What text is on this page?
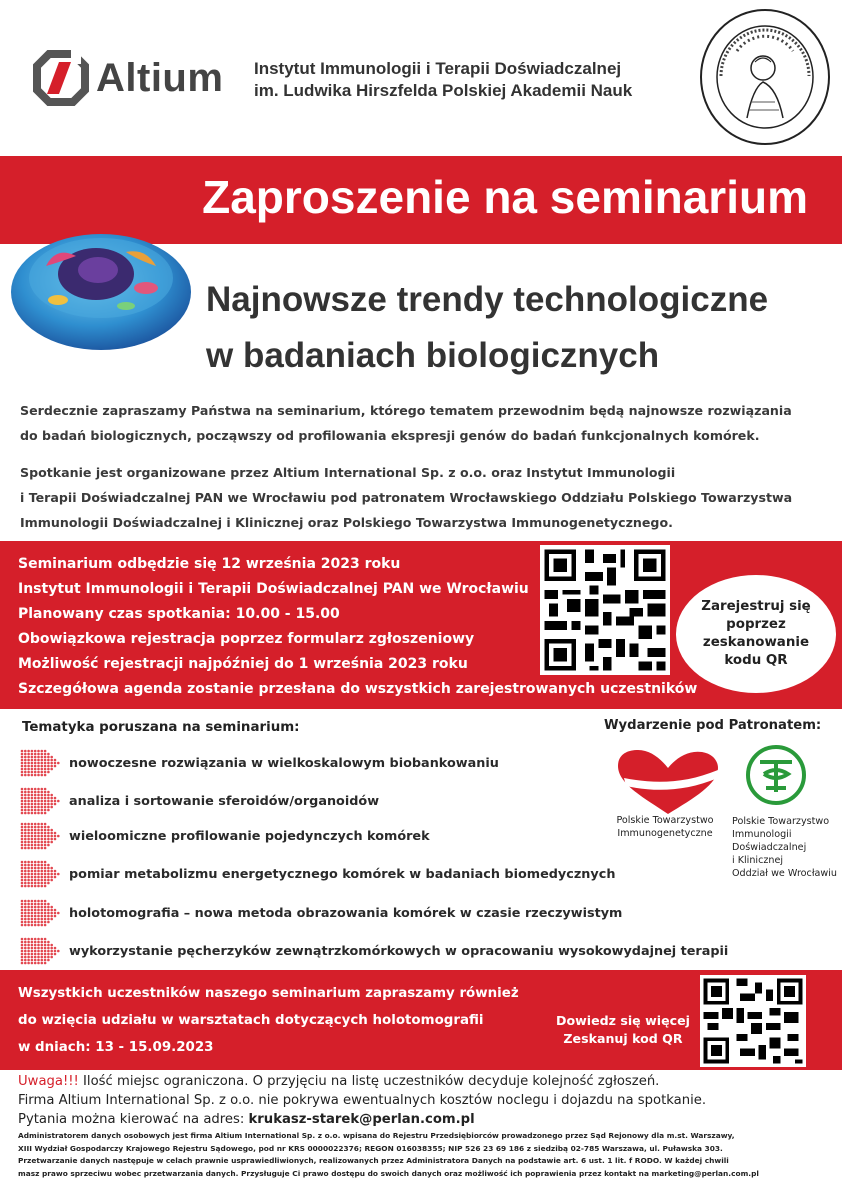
Altium Instytut Immunologii i Terapii Doświadczalnej
im. Ludwika Hirszfelda Polskiej Akademii Nauk
Zaproszenie na seminarium
Najnowsze trendy technologiczne
w badaniach biologicznych
Serdecznie zapraszamy Państwa na seminarium, którego tematem przewodnim będą najnowsze rozwiązania
do badań biologicznych, począwszy od profilowania ekspresji genów do badań funkcjonalnych komórek.
Spotkanie jest organizowane przez Altium International Sp. z o.o. oraz Instytut Immunologii
i Terapii Doświadczalnej PAN we Wrocławiu pod patronatem Wrocławskiego Oddziału Polskiego Towarzystwa
Immunologii Doświadczalnej i Klinicznej oraz Polskiego Towarzystwa Immunogenetycznego.
Seminarium odbędzie się 12 września 2023 roku
Instytut Immunologii i Terapii Doświadczalnej PAN we Wrocławiu
Planowany czas spotkania: 10.00 - 15.00
Obowiązkowa rejestracja poprzez formularz zgłoszeniowy
Możliwość rejestracji najpóźniej do 1 września 2023 roku
Szczegółowa agenda zostanie przesłana do wszystkich zarejestrowanych uczestników
Zarejestruj się
poprzez
zeskanowanie
kodu QR
Tematyka poruszana na seminarium:	Wydarzenie pod Patronatem:
nowoczesne rozwiązania w wielkoskalowym biobankowaniu
analiza i sortowanie sferoidów/organoidów
wieloomiczne profilowanie pojedynczych komórek
pomiar metabolizmu energetycznego komórek w badaniach biomedycznych
holotomografia – nowa metoda obrazowania komórek w czasie rzeczywistym
wykorzystanie pęcherzyków zewnątrzkomórkowych w opracowaniu wysokowydajnej terapii
Polskie Towarzystwo
Immunogenetyczne
Polskie Towarzystwo
Immunologii
Doświadczalnej
i Klinicznej
Oddział we Wrocławiu
Wszystkich uczestników naszego seminarium zapraszamy również
do wzięcia udziału w warsztatach dotyczących holotomografii
w dniach: 13 - 15.09.2023
Dowiedz się więcej
Zeskanuj kod QR
Uwaga!!! Ilość miejsc ograniczona. O przyjęciu na listę uczestników decyduje kolejność zgłoszeń.
Firma Altium International Sp. z o.o. nie pokrywa ewentualnych kosztów noclegu i dojazdu na spotkanie.
Pytania można kierować na adres: krukasz-starek@perlan.com.pl
Administratorem danych osobowych jest firma Altium International Sp. z o.o. wpisana do Rejestru Przedsiębiorców prowadzonego przez Sąd Rejonowy dla m.st. Warszawy,
XIII Wydział Gospodarczy Krajowego Rejestru Sądowego, pod nr KRS 0000022376; REGON 016038355; NIP 526 23 69 186 z siedzibą 02-785 Warszawa, ul. Puławska 303.
Przetwarzanie danych następuje w celach prawnie usprawiedliwionych, realizowanych przez Administratora Danych na podstawie art. 6 ust. 1 lit. f RODO. W każdej chwili
masz prawo sprzeciwu wobec przetwarzania danych. Przysługuje Ci prawo dostępu do swoich danych oraz możliwość ich poprawienia przez kontakt na marketing@perlan.com.pl
